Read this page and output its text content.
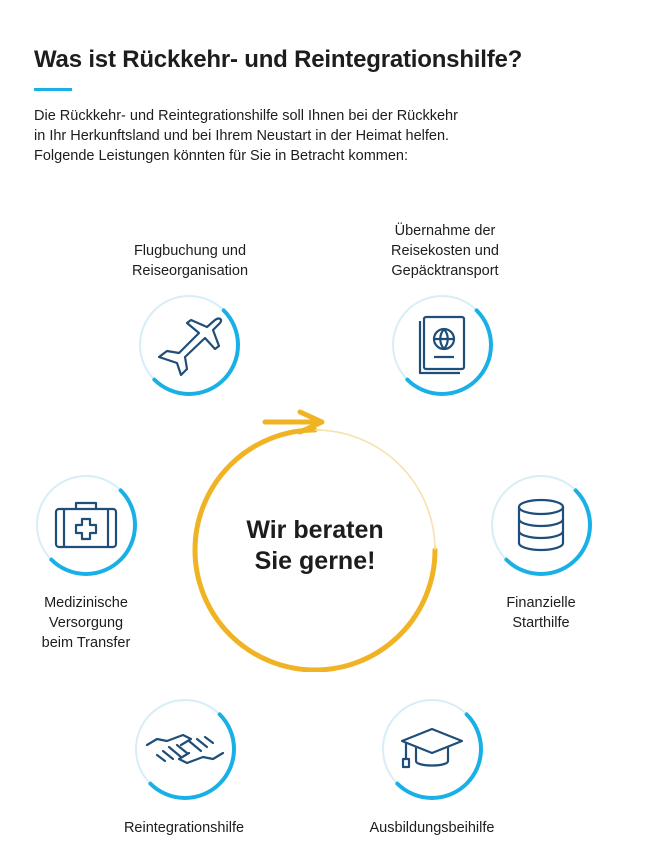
Was ist Rückkehr- und Reintegrationshilfe?

Die Rückkehr- und Reintegrationshilfe soll Ihnen bei der Rückkehr

in Ihr Herkunftsland und bei Ihrem Neustart in der Heimat helfen.

Folgende Leistungen könnten für Sie in Betracht kommen:

Wir beraten
Sie gerne!
Flugbuchung und
Reiseorganisation
Übernahme der
Reisekosten und
Gepäcktransport
Finanzielle
Starthilfe
Ausbildungsbeihilfe
Reintegrationshilfe
Medizinische
Versorgung
beim Transfer
